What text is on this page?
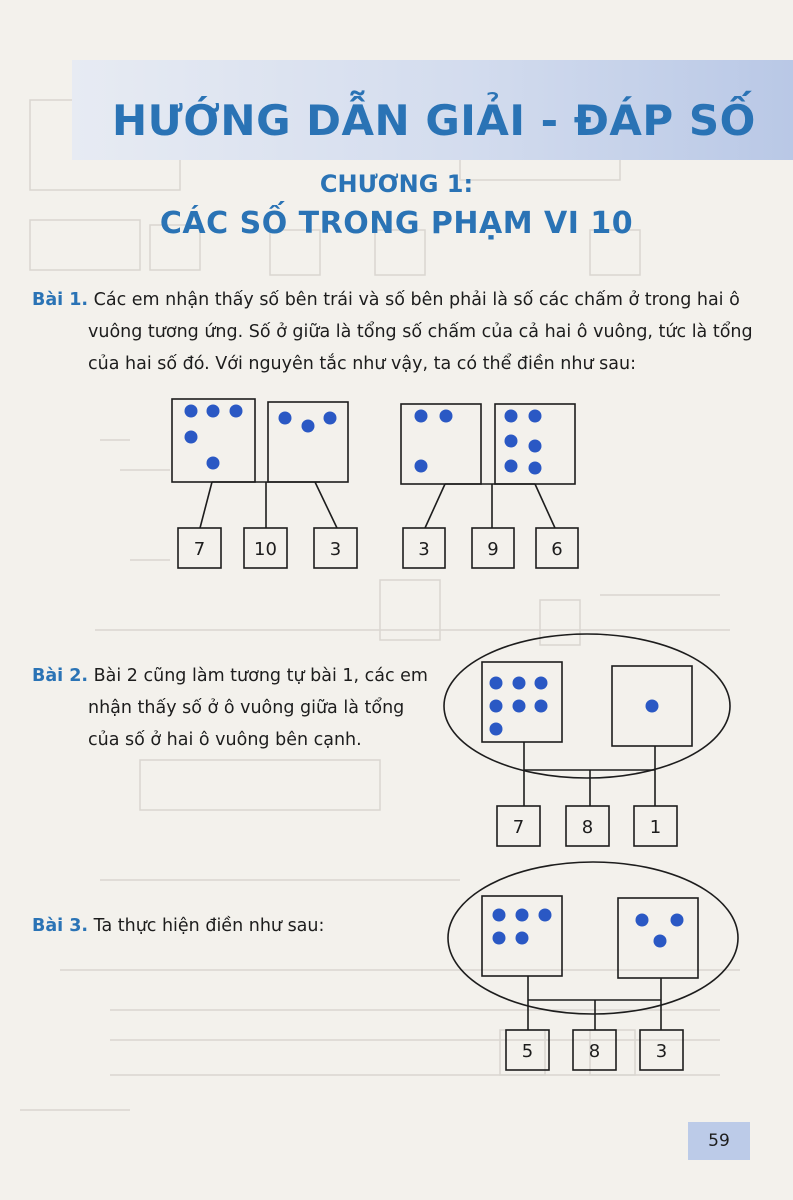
HƯỚNG DẪN GIẢI - ĐÁP SỐ
CHƯƠNG 1:
CÁC SỐ TRONG PHẠM VI 10
Bài 1. Các em nhận thấy số bên trái và số bên phải là số các chấm ở trong hai ô
vuông tương ứng. Số ở giữa là tổng số chấm của cả hai ô vuông, tức là tổng
của hai số đó. Với nguyên tắc như vậy, ta có thể điền như sau:
Bài 2. Bài 2 cũng làm tương tự bài 1, các em
nhận thấy số ở ô vuông giữa là tổng
của số ở hai ô vuông bên cạnh.
Bài 3. Ta thực hiện điền như sau:
7	10	3	3	9	6
7	8	1
5	8	3
59
